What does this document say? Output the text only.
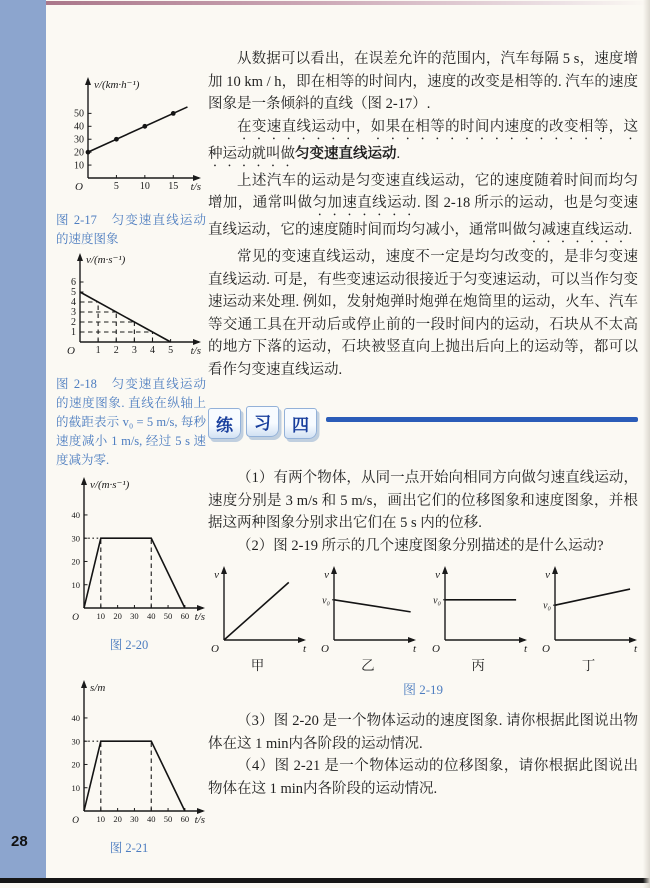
28
5 10 15
10
20
30
40
50
v/(km·h⁻¹)
t/s
O
图 2-17　匀变速直线运动的速度图象
1 2 3 4 5
1
2
3
4
5
6
v/(m·s⁻¹)
t/s
O
图 2-18　匀变速直线运动的速度图象. 直线在纵轴上的截距表示 v₀ = 5 m/s, 每秒速度减小 1 m/s, 经过 5 s 速度减为零.
10 20 30 40 50 60
10
20
30
40
v/(m·s⁻¹)
t/s
O
图 2-20
10 20 30 40 50 60
10
20
30
40
s/m
t/s
O
图 2-21

从数据可以看出，在误差允许的范围内，汽车每隔 5 s，速度增加 10 km / h，即在相等的时间内，速度的改变是相等的. 汽车的速度图象是一条倾斜的直线（图 2-17）.

在变速直线运动中，如果在相等的时间内速度的改变相等，这种运动就叫做匀变速直线运动.

上述汽车的运动是匀变速直线运动，它的速度随着时间而均匀增加，通常叫做匀加速直线运动. 图 2-18 所示的运动，也是匀变速直线运动，它的速度随时间而均匀减小，通常叫做匀减速直线运动.

常见的变速直线运动，速度不一定是均匀改变的，是非匀变速直线运动. 可是，有些变速运动很接近于匀变速运动，可以当作匀变速运动来处理. 例如，发射炮弹时炮弹在炮筒里的运动，火车、汽车等交通工具在开动后或停止前的一段时间内的运动，石块从不太高的地方下落的运动，石块被竖直向上抛出后向上的运动等，都可以看作匀变速直线运动.

练 习 四

（1）有两个物体，从同一点开始向相同方向做匀速直线运动，速度分别是 3 m/s 和 5 m/s，画出它们的位移图象和速度图象，并根据这两种图象分别求出它们在 5 s 内的位移.

（2）图 2-19 所示的几个速度图象分别描述的是什么运动?

v
t
O
甲
v
t
O
v₀
乙
v
t
O
v₀
丙
v
t
O
v₀
丁
图 2-19

（3）图 2-20 是一个物体运动的速度图象. 请你根据此图说出物体在这 1 min内各阶段的运动情况.

（4）图 2-21 是一个物体运动的位移图象，请你根据此图说出物体在这 1 min内各阶段的运动情况.
